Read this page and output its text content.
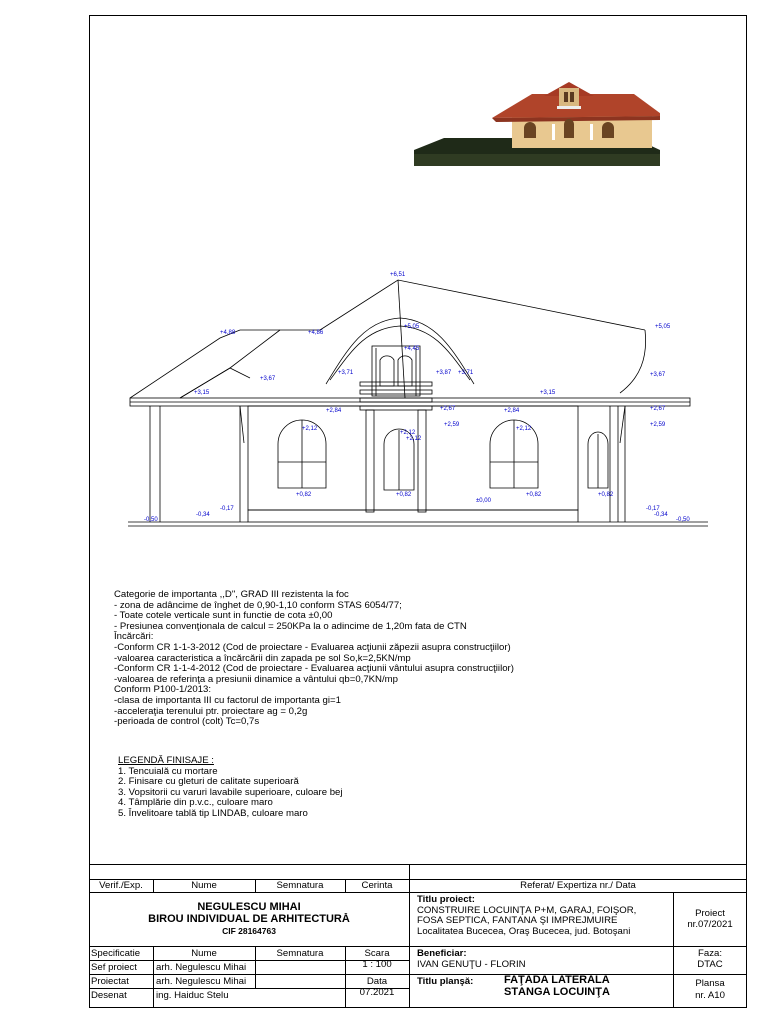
+6,51
+4,88	+4,86
+5,05	+5,05
+4,45
+3,71	+3,71
+3,87
+3,67
+3,67
+3,15	+3,15
+2,67	+2,67
+2,84	+2,84
+2,59	+2,59
+2,12
+2,12
+2,12
+2,12
+0,82	+0,82	+0,82	+0,82
±0,00
-0,17	-0,17
-0,34	-0,34
-0,50	-0,50
Categorie de importanta ,,D", GRAD III rezistenta la foc
- zona de adâncime de înghet de 0,90-1,10 conform STAS 6054/77;
- Toate cotele verticale sunt in functie de cota ±0,00
- Presiunea convenţionala de calcul = 250KPa la o adincime de 1,20m fata de CTN
Încărcări:
-Conform CR 1-1-3-2012 (Cod de proiectare - Evaluarea acţiunii zăpezii asupra construcţiilor)
-valoarea caracteristica a încărcării din zapada pe sol So,k=2,5KN/mp
-Conform CR 1-1-4-2012 (Cod de proiectare - Evaluarea acţiunii vântului asupra construcţiilor)
-valoarea de referinţa a presiunii dinamice a vântului qb=0,7KN/mp
Conform P100-1/2013:
-clasa de importanta III cu factorul de importanta gi=1
-acceleraţia terenului ptr. proiectare ag = 0,2g
-perioada de control (colt) Tc=0,7s
LEGENDĂ FINISAJE :
1. Tencuială cu mortare
2. Finisare cu gleturi de calitate superioară
3. Vopsitorii cu varuri lavabile superioare, culoare bej
4. Tâmplărie din p.v.c., culoare maro
5. Învelitoare tablă tip LINDAB, culoare maro
Verif./Exp.	Nume	Semnatura	Cerinta	Referat/ Expertiza nr./ Data
NEGULESCU MIHAI
BIROU INDIVIDUAL DE ARHITECTURĂ
CIF 28164763
Titlu proiect:
CONSTRUIRE LOCUINŢĂ P+M, GARAJ, FOIŞOR,
FOSĂ SEPTICĂ, FÂNTÂNĂ ŞI ÎMPREJMUIRE
Localitatea Bucecea, Oraş Bucecea, jud. Botoşani
Proiect
nr.07/2021
Specificatie	Nume	Semnatura	Scara
1 : 100
Beneficiar:
IVAN GENUŢU - FLORIN
Faza:
DTAC
Sef proiect	arh. Negulescu Mihai
Proiectat	arh. Negulescu Mihai
Desenat	ing. Haiduc Stelu
Data
07.2021
Titlu planşă:	FAŢADA LATERALĂ
STÂNGA LOCUINŢĂ
Plansa
nr. A10
